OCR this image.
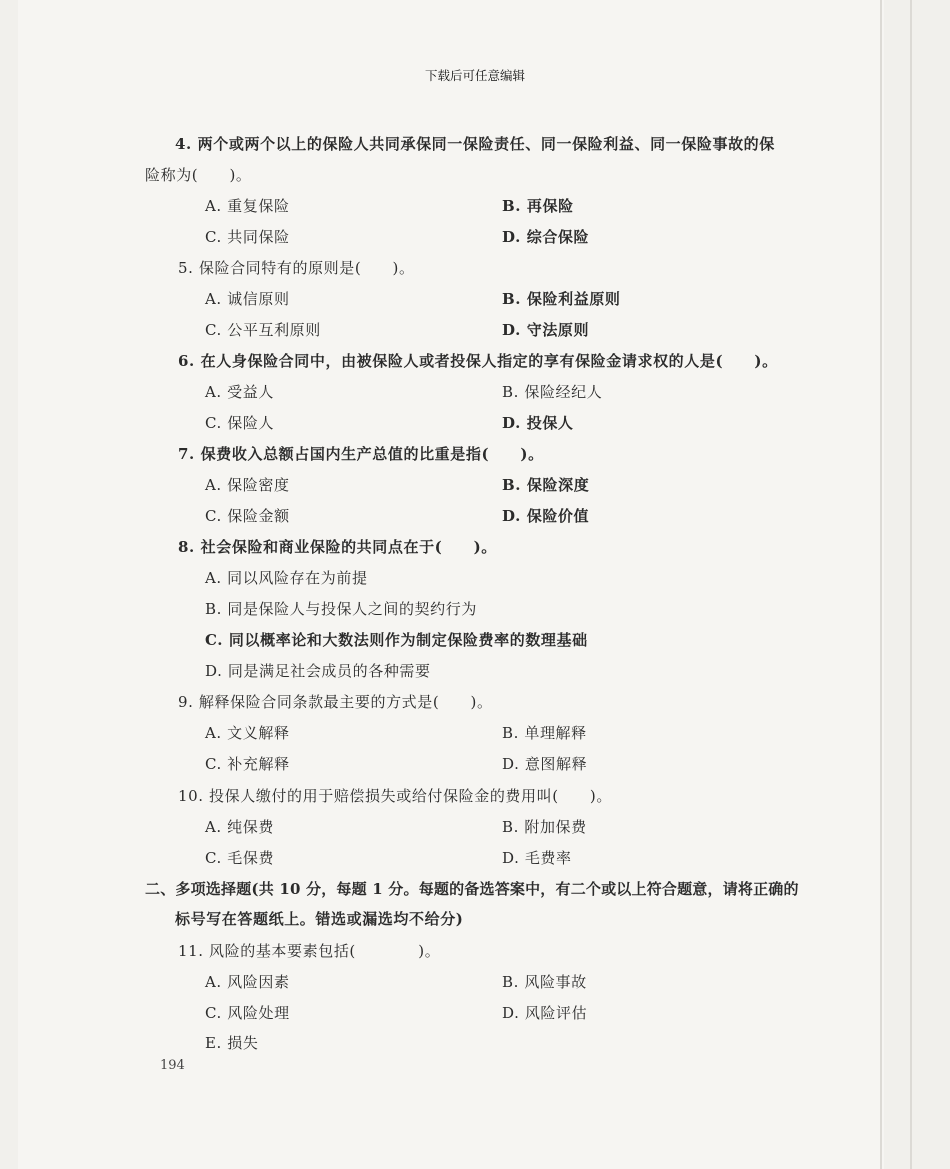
下载后可任意编辑
4. 两个或两个以上的保险人共同承保同一保险责任、同一保险利益、同一保险事故的保
险称为(　　)。
A. 重复保险	B. 再保险
C. 共同保险	D. 综合保险
5. 保险合同特有的原则是(　　)。
A. 诚信原则	B. 保险利益原则
C. 公平互利原则	D. 守法原则
6. 在人身保险合同中，由被保险人或者投保人指定的享有保险金请求权的人是(　　)。
A. 受益人	B. 保险经纪人
C. 保险人	D. 投保人
7. 保费收入总额占国内生产总值的比重是指(　　)。
A. 保险密度	B. 保险深度
C. 保险金额	D. 保险价值
8. 社会保险和商业保险的共同点在于(　　)。
A. 同以风险存在为前提
B. 同是保险人与投保人之间的契约行为
C. 同以概率论和大数法则作为制定保险费率的数理基础
D. 同是满足社会成员的各种需要
9. 解释保险合同条款最主要的方式是(　　)。
A. 文义解释	B. 单理解释
C. 补充解释	D. 意图解释
10. 投保人缴付的用于赔偿损失或给付保险金的费用叫(　　)。
A. 纯保费	B. 附加保费
C. 毛保费	D. 毛费率
二、多项选择题(共 10 分，每题 1 分。每题的备选答案中，有二个或以上符合题意，请将正确的
标号写在答题纸上。错选或漏选均不给分)
11. 风险的基本要素包括(　　　　)。
A. 风险因素	B. 风险事故
C. 风险处理	D. 风险评估
E. 损失
194
